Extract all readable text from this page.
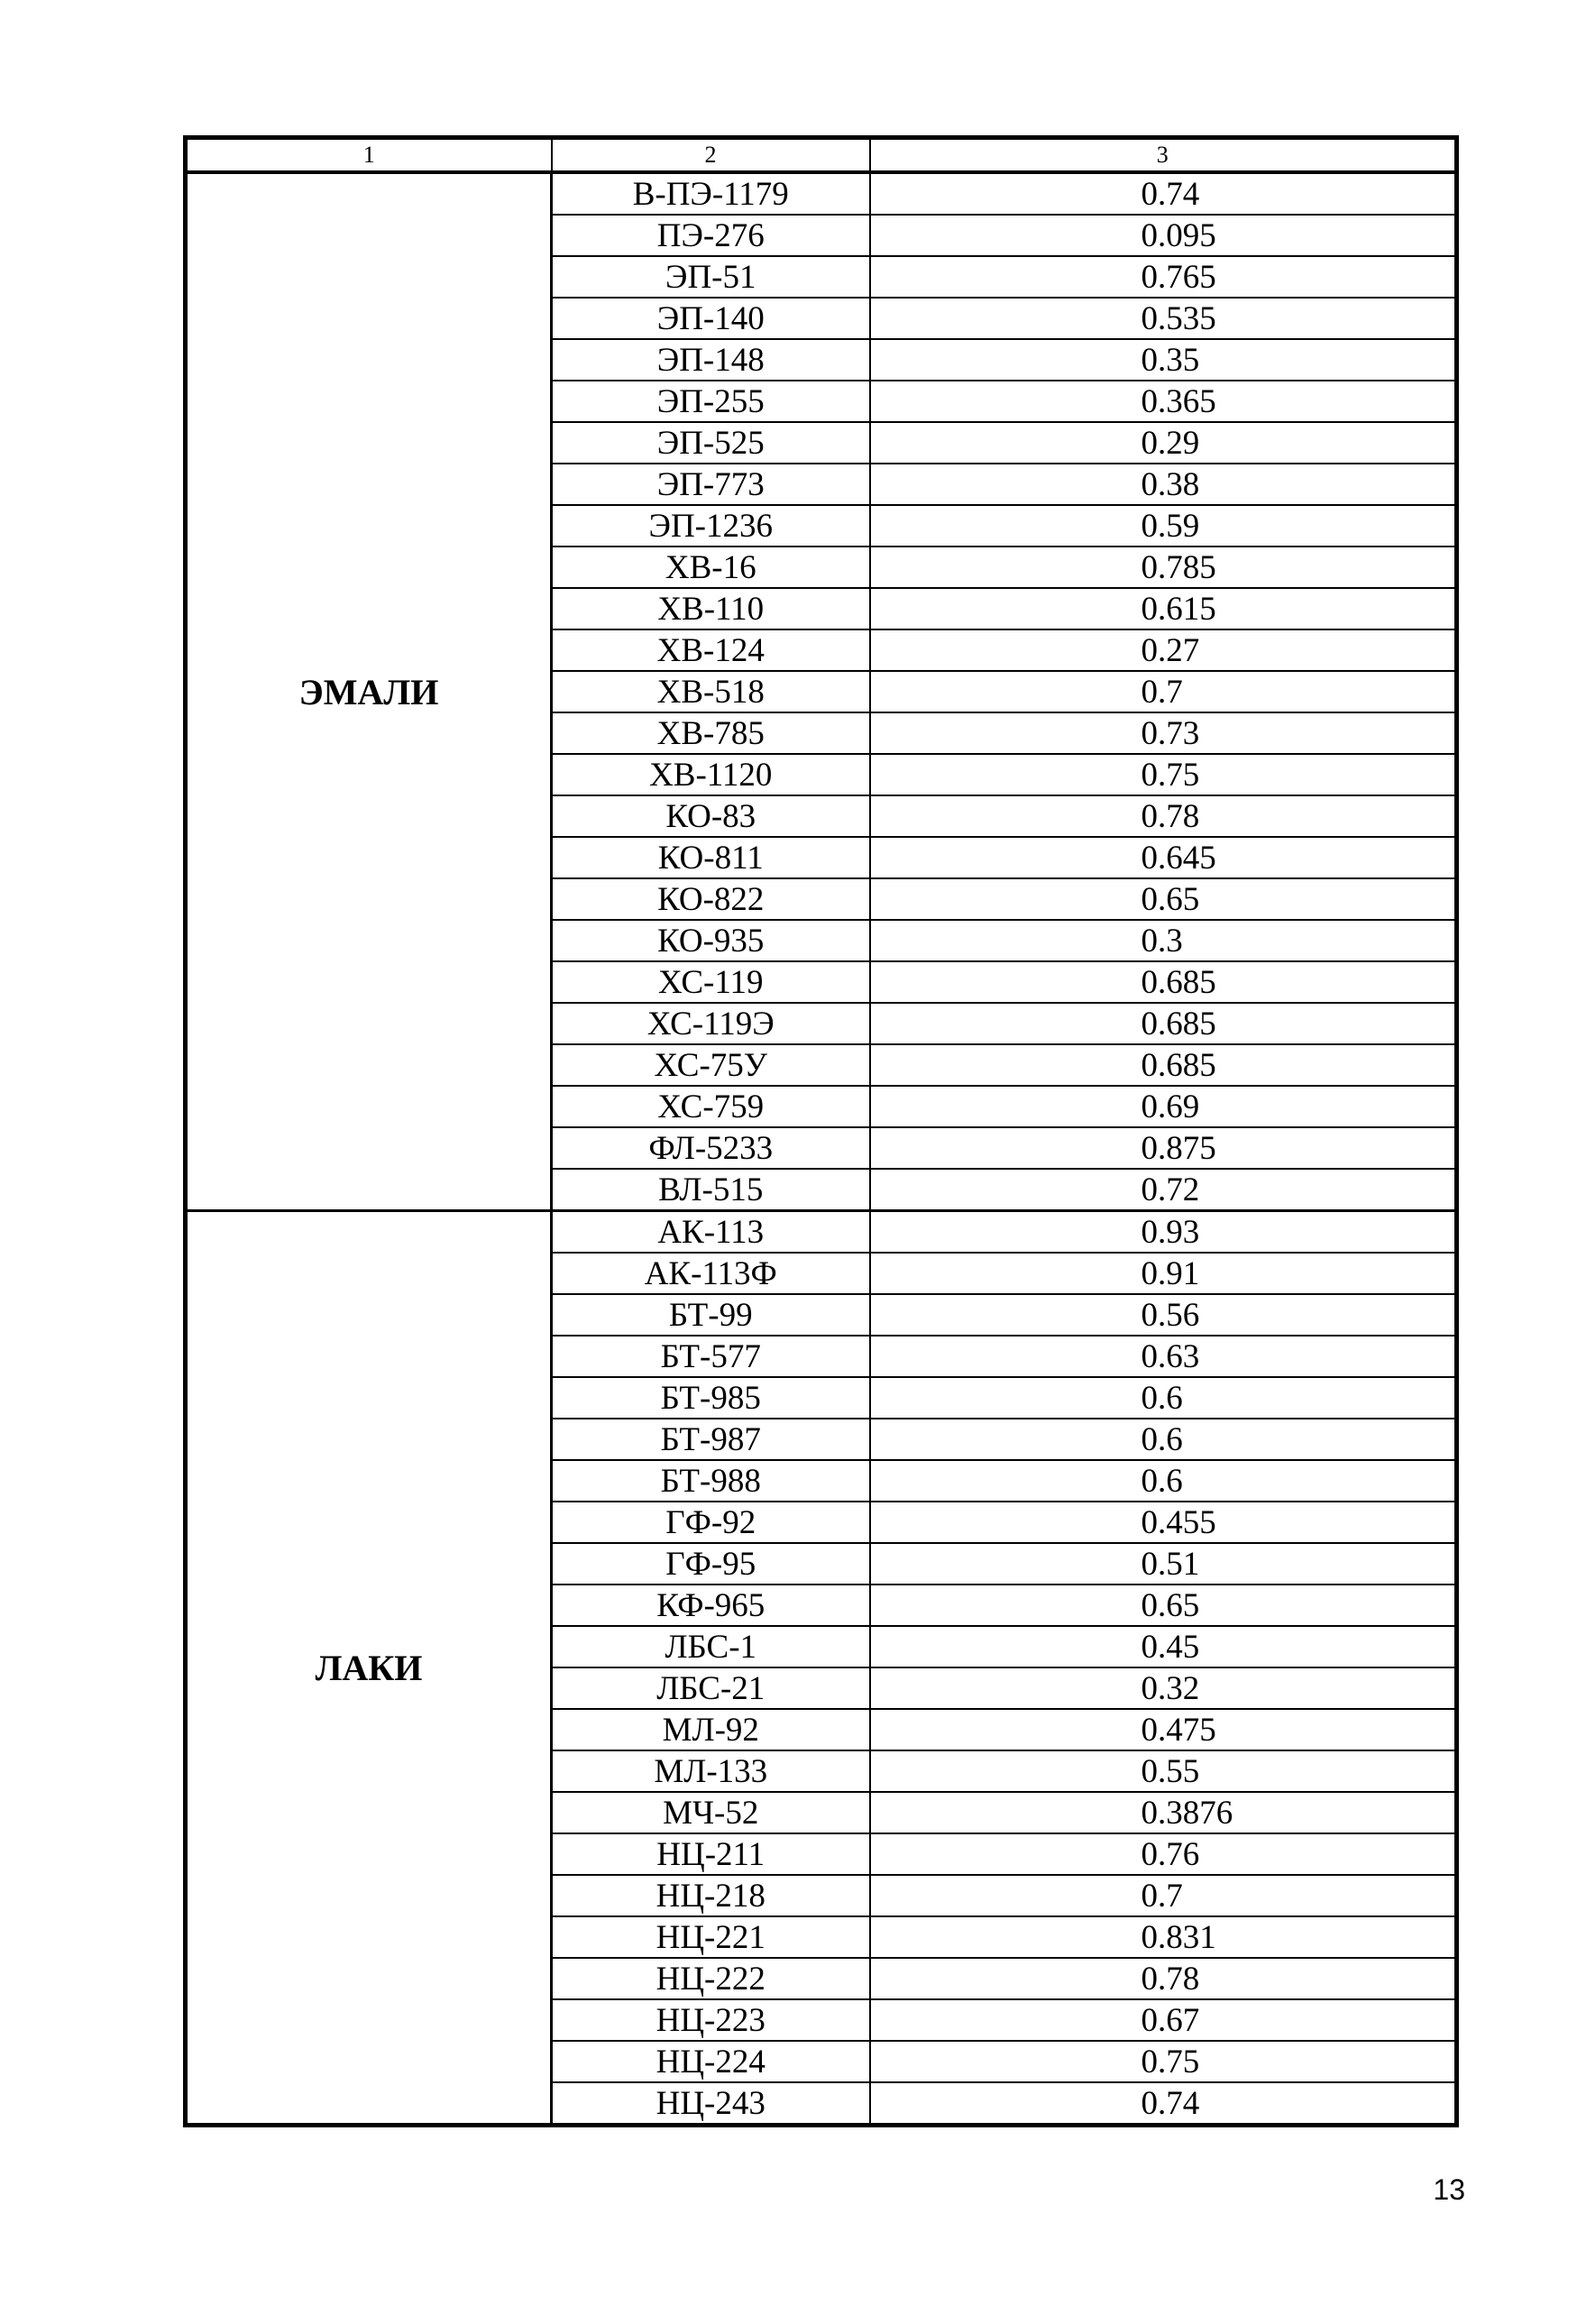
1	2	3
ЭМАЛИ	В-ПЭ-1179	0.74
	ПЭ-276	0.095
	ЭП-51	0.765
	ЭП-140	0.535
	ЭП-148	0.35
	ЭП-255	0.365
	ЭП-525	0.29
	ЭП-773	0.38
	ЭП-1236	0.59
	ХВ-16	0.785
	ХВ-110	0.615
	ХВ-124	0.27
	ХВ-518	0.7
	ХВ-785	0.73
	ХВ-1120	0.75
	КО-83	0.78
	КО-811	0.645
	КО-822	0.65
	КО-935	0.3
	ХС-119	0.685
	ХС-119Э	0.685
	ХС-75У	0.685
	ХС-759	0.69
	ФЛ-5233	0.875
	ВЛ-515	0.72
ЛАКИ	АК-113	0.93
	АК-113Ф	0.91
	БТ-99	0.56
	БТ-577	0.63
	БТ-985	0.6
	БТ-987	0.6
	БТ-988	0.6
	ГФ-92	0.455
	ГФ-95	0.51
	КФ-965	0.65
	ЛБС-1	0.45
	ЛБС-21	0.32
	МЛ-92	0.475
	МЛ-133	0.55
	МЧ-52	0.3876
	НЦ-211	0.76
	НЦ-218	0.7
	НЦ-221	0.831
	НЦ-222	0.78
	НЦ-223	0.67
	НЦ-224	0.75
	НЦ-243	0.74
13
